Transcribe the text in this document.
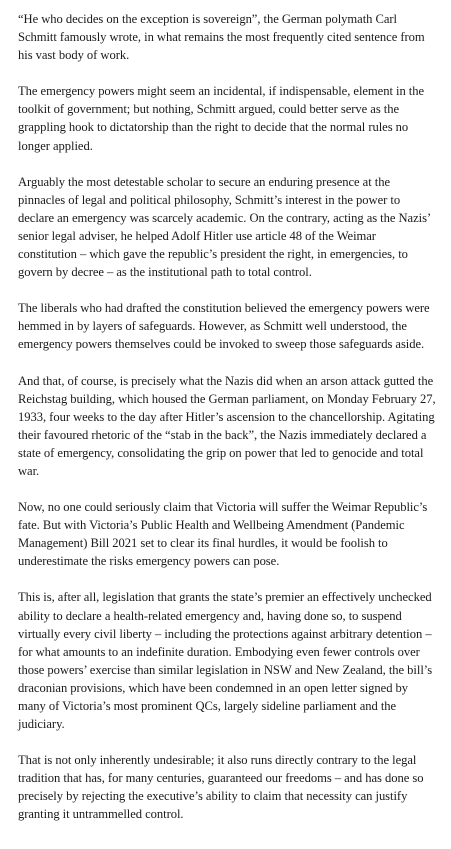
“He who decides on the exception is sovereign”, the German polymath Carl Schmitt famously wrote, in what remains the most frequently cited sentence from his vast body of work.

The emergency powers might seem an incidental, if indispensable, element in the toolkit of government; but nothing, Schmitt argued, could better serve as the grappling hook to dictatorship than the right to decide that the normal rules no longer applied.

Arguably the most detestable scholar to secure an enduring presence at the pinnacles of legal and political philosophy, Schmitt’s interest in the power to declare an emergency was scarcely academic. On the contrary, acting as the Nazis’ senior legal adviser, he helped Adolf Hitler use article 48 of the Weimar constitution – which gave the republic’s president the right, in emergencies, to govern by decree – as the institutional path to total control.

The liberals who had drafted the constitution believed the emergency powers were hemmed in by layers of safeguards. However, as Schmitt well understood, the emergency powers themselves could be invoked to sweep those safeguards aside.

And that, of course, is precisely what the Nazis did when an arson attack gutted the Reichstag building, which housed the German parliament, on Monday February 27, 1933, four weeks to the day after Hitler’s ascension to the chancellorship. Agitating their favoured rhetoric of the “stab in the back”, the Nazis immediately declared a state of emergency, consolidating the grip on power that led to genocide and total war.

Now, no one could seriously claim that Victoria will suffer the Weimar Republic’s fate. But with Victoria’s Public Health and Wellbeing Amendment (Pandemic Management) Bill 2021 set to clear its final hurdles, it would be foolish to underestimate the risks emergency powers can pose.

This is, after all, legislation that grants the state’s premier an effectively unchecked ability to declare a health-related emergency and, having done so, to suspend virtually every civil liberty – including the protections against arbitrary detention – for what amounts to an indefinite duration. Embodying even fewer controls over those powers’ exercise than similar legislation in NSW and New Zealand, the bill’s draconian provisions, which have been condemned in an open letter signed by many of Victoria’s most prominent QCs, largely sideline parliament and the judiciary.

That is not only inherently undesirable; it also runs directly contrary to the legal tradition that has, for many centuries, guaranteed our freedoms – and has done so precisely by rejecting the executive’s ability to claim that necessity can justify granting it untrammelled control.
